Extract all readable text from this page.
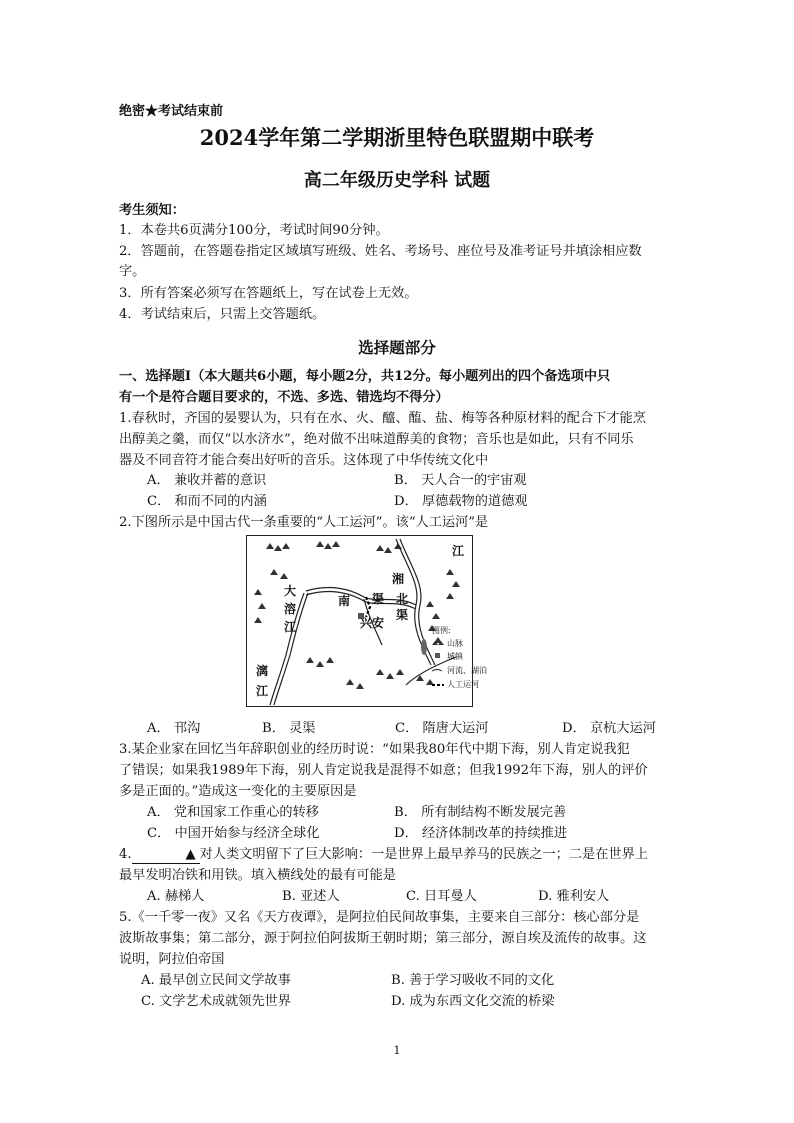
绝密★考试结束前
2024学年第二学期浙里特色联盟期中联考
高二年级历史学科 试题
考生须知：
1．本卷共6页满分100分，考试时间90分钟。
2．答题前，在答题卷指定区域填写班级、姓名、考场号、座位号及准考证号并填涂相应数
字。
3．所有答案必须写在答题纸上，写在试卷上无效。
4．考试结束后，只需上交答题纸。
选择题部分
一、选择题Ⅰ（本大题共6小题，每小题2分，共12分。每小题列出的四个备选项中只
有一个是符合题目要求的，不选、多选、错选均不得分）
1.春秋时，齐国的晏婴认为，只有在水、火、醯、醢、盐、梅等各种原材料的配合下才能烹
出醇美之羹，而仅“以水济水”，绝对做不出味道醇美的食物；音乐也是如此，只有不同乐
器及不同音符才能合奏出好听的音乐。这体现了中华传统文化中
A． 兼收并蓄的意识	B． 天人合一的宇宙观
C． 和而不同的内涵	D． 厚德载物的道德观
2.下图所示是中国古代一条重要的“人工运河”。该“人工运河”是
江
湘
大
溶
江
南 渠 北
渠
兴安
漓
江
图例:
山脉
城镇
河流、湖泊
人工运河
A． 邗沟	B． 灵渠	C． 隋唐大运河	D． 京杭大运河
3.某企业家在回忆当年辞职创业的经历时说：“如果我80年代中期下海，别人肯定说我犯
了错误；如果我1989年下海，别人肯定说我是混得不如意；但我1992年下海，别人的评价
多是正面的。”造成这一变化的主要原因是
A． 党和国家工作重心的转移	B． 所有制结构不断发展完善
C． 中国开始参与经济全球化	D． 经济体制改革的持续推进
4.	▲ 对人类文明留下了巨大影响：一是世界上最早养马的民族之一；二是在世界上
最早发明冶铁和用铁。填入横线处的最有可能是
A. 赫梯人	B. 亚述人	C. 日耳曼人	D. 雅利安人
5.《一千零一夜》又名《天方夜谭》，是阿拉伯民间故事集，主要来自三部分：核心部分是
波斯故事集；第二部分，源于阿拉伯阿拔斯王朝时期；第三部分，源自埃及流传的故事。这
说明，阿拉伯帝国
A. 最早创立民间文学故事	B. 善于学习吸收不同的文化
C. 文学艺术成就领先世界	D. 成为东西文化交流的桥梁
1
